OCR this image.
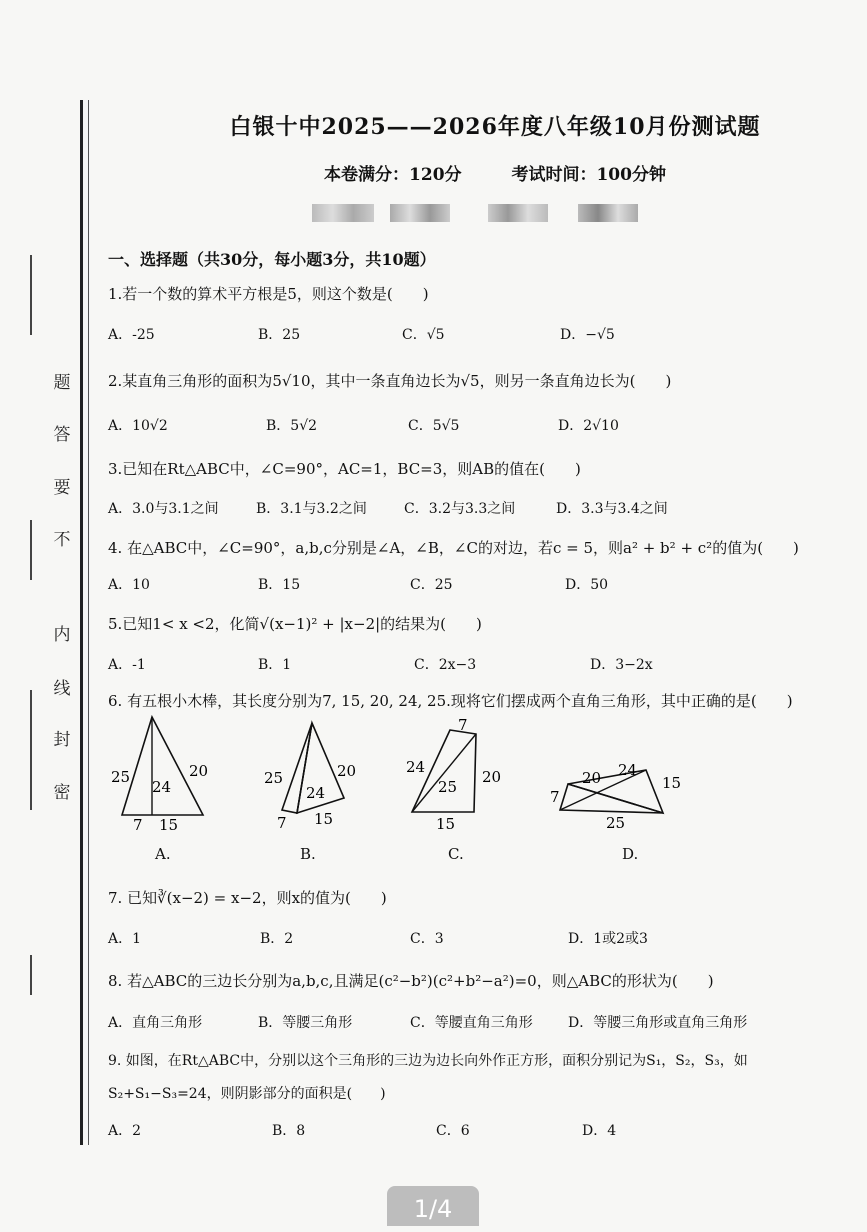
题
答
要
不
内
线
封
密
白银十中2025——2026年度八年级10月份测试题
本卷满分：120分	考试时间：100分钟
一、选择题（共30分，每小题3分，共10题）
1.若一个数的算术平方根是5，则这个数是(　　)
A．-25	B．25	C．√5	D．−√5
2.某直角三角形的面积为5√10，其中一条直角边长为√5，则另一条直角边长为(　　)
A．10√2	B．5√2	C．5√5	D．2√10
3.已知在Rt△ABC中，∠C=90°，AC=1，BC=3，则AB的值在(　　)
A．3.0与3.1之间	B．3.1与3.2之间	C．3.2与3.3之间	D．3.3与3.4之间
4. 在△ABC中，∠C=90°，a,b,c分别是∠A，∠B，∠C的对边，若c = 5，则a² + b² + c²的值为(　　)
A．10	B．15	C．25	D．50
5.已知1< x <2，化简√(x−1)² + |x−2|的结果为(　　)
A．-1	B．1	C．2x−3	D．3−2x
6. 有五根小木棒，其长度分别为7, 15, 20, 24, 25.现将它们摆成两个直角三角形，其中正确的是(　　)
25
24
20
7 15
A.
25
24
20
7 15
B.
7
24
25
20
15
C.
20 24
15
7
25
D.
7. 已知∛(x−2) = x−2，则x的值为(　　)
A．1	B．2	C．3	D．1或2或3
8. 若△ABC的三边长分别为a,b,c,且满足(c²−b²)(c²+b²−a²)=0，则△ABC的形状为(　　)
A．直角三角形	B．等腰三角形	C．等腰直角三角形	D．等腰三角形或直角三角形
9. 如图，在Rt△ABC中，分别以这个三角形的三边为边长向外作正方形，面积分别记为S₁，S₂，S₃，如
S₂+S₁−S₃=24，则阴影部分的面积是(　　)
A．2	B．8	C．6	D．4
1/4
